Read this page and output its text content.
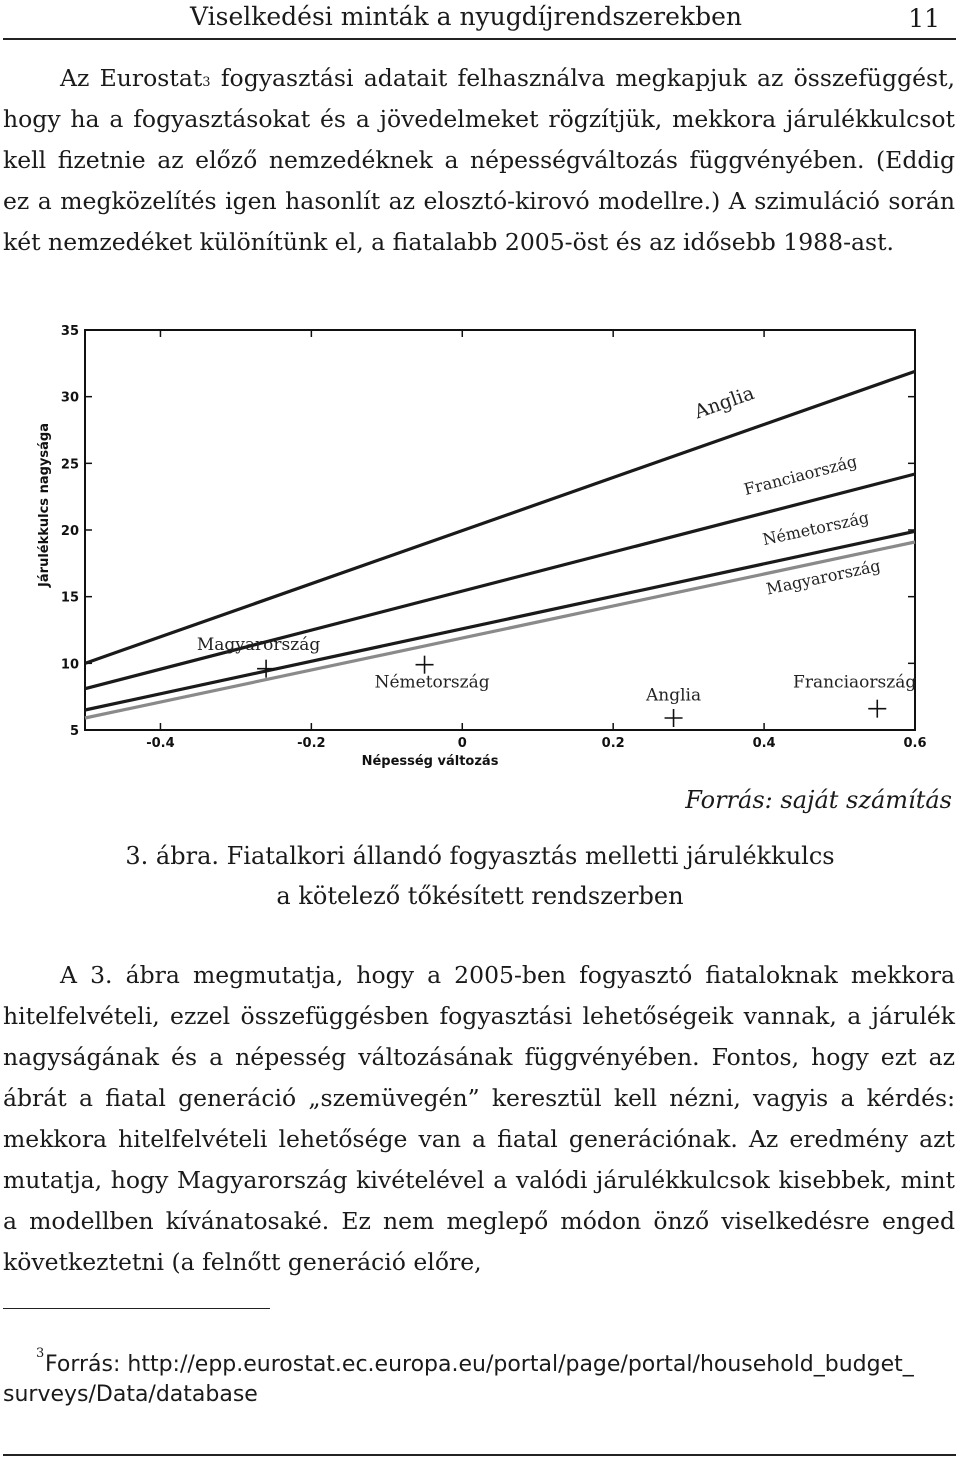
Viselkedési minták a nyugdíjrendszerekben	11

Az Eurostat$^3$ fogyasztási adatait felhasználva megkapjuk az összefüggést, hogy ha a fogyasztásokat és a jövedelmeket rögzítjük, mekkora járulékkulcsot kell fizetnie az előző nemzedéknek a népességváltozás függvényében. (Eddig ez a megközelítés igen hasonlít az elosztó-kirovó modellre.) A szimuláció során két nemzedéket különítünk el, a fiatalabb 2005-öst és az idősebb 1988-ast.

-0.4	-0.2	0	0.2	0.4	0.6
5
10
15
20
25
30
35
Népesség változás
Járulékkulcs nagysága
Anglia
Franciaország
Németország
Magyarország
Magyarország
Németország
Anglia
Franciaország
Forrás: saját számítás
3. ábra. Fiatalkori állandó fogyasztás melletti járulékkulcs
a kötelező tőkésített rendszerben

A 3. ábra megmutatja, hogy a 2005-ben fogyasztó fiataloknak mekkora hitelfelvételi, ezzel összefüggésben fogyasztási lehetőségeik vannak, a járulék nagyságának és a népesség változásának függvényében. Fontos, hogy ezt az ábrát a fiatal generáció „szemüvegén” keresztül kell nézni, vagyis a kérdés: mekkora hitelfelvételi lehetősége van a fiatal generációnak. Az eredmény azt mutatja, hogy Magyarország kivételével a valódi járulékkulcsok kisebbek, mint a modellben kívánatosaké. Ez nem meglepő módon önző viselkedésre enged következtetni (a felnőtt generáció előre,

3 Forrás: http://epp.eurostat.ec.europa.eu/portal/page/portal/household_budget_
surveys/Data/database
